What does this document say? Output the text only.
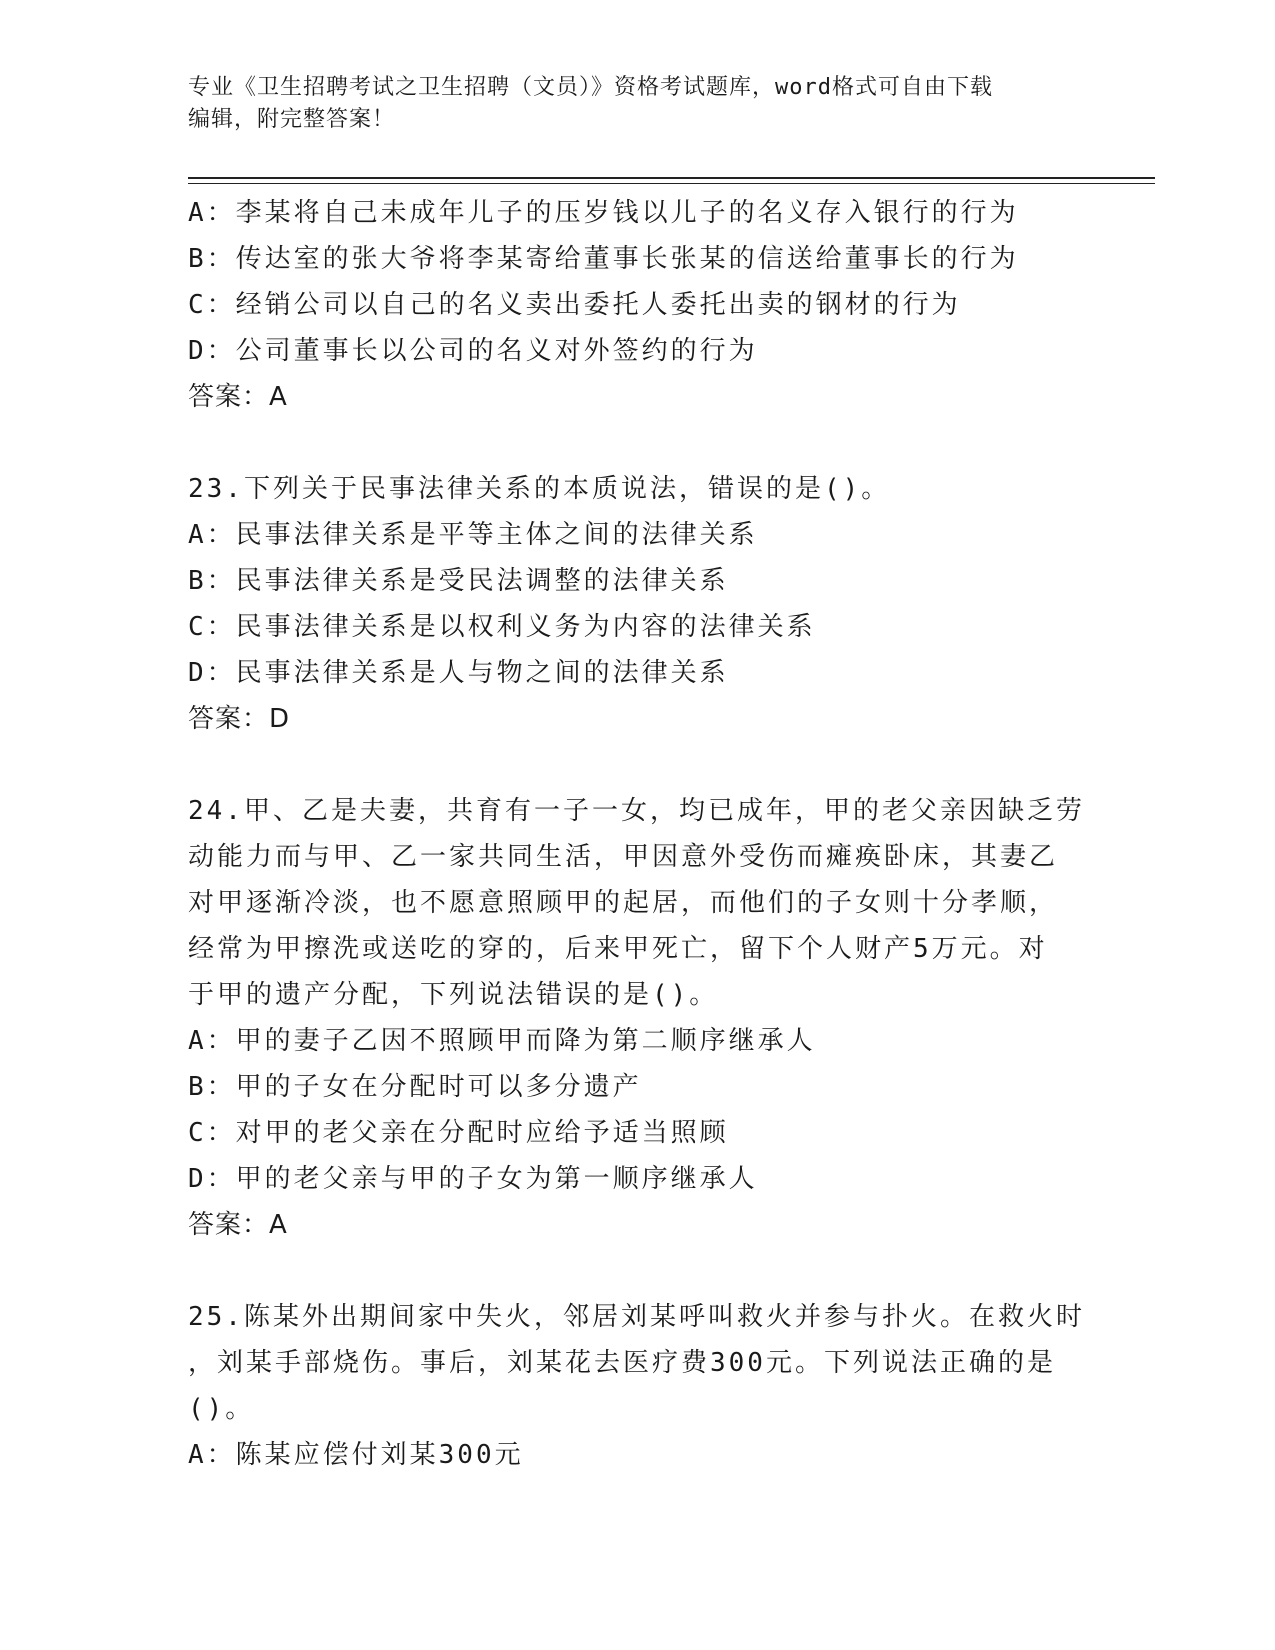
专业《卫生招聘考试之卫生招聘（文员）》资格考试题库，word格式可自由下载
编辑，附完整答案！
A：李某将自己未成年儿子的压岁钱以儿子的名义存入银行的行为
B：传达室的张大爷将李某寄给董事长张某的信送给董事长的行为
C：经销公司以自己的名义卖出委托人委托出卖的钢材的行为
D：公司董事长以公司的名义对外签约的行为
答案：A
23.下列关于民事法律关系的本质说法，错误的是()。
A：民事法律关系是平等主体之间的法律关系
B：民事法律关系是受民法调整的法律关系
C：民事法律关系是以权利义务为内容的法律关系
D：民事法律关系是人与物之间的法律关系
答案：D
24.甲、乙是夫妻，共育有一子一女，均已成年，甲的老父亲因缺乏劳
动能力而与甲、乙一家共同生活，甲因意外受伤而瘫痪卧床，其妻乙
对甲逐渐冷淡，也不愿意照顾甲的起居，而他们的子女则十分孝顺，
经常为甲擦洗或送吃的穿的，后来甲死亡，留下个人财产5万元。对
于甲的遗产分配，下列说法错误的是()。
A：甲的妻子乙因不照顾甲而降为第二顺序继承人
B：甲的子女在分配时可以多分遗产
C：对甲的老父亲在分配时应给予适当照顾
D：甲的老父亲与甲的子女为第一顺序继承人
答案：A
25.陈某外出期间家中失火，邻居刘某呼叫救火并参与扑火。在救火时
，刘某手部烧伤。事后，刘某花去医疗费300元。下列说法正确的是
()。
A：陈某应偿付刘某300元
